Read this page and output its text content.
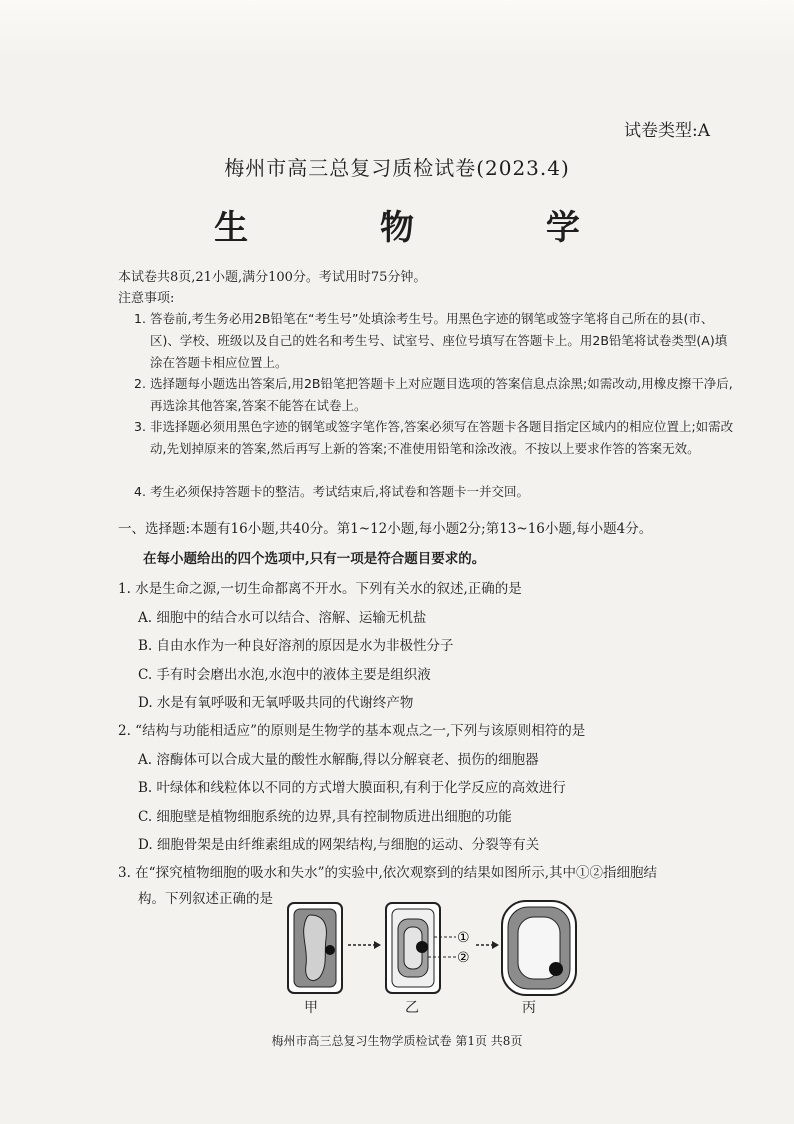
试卷类型:A
梅州市高三总复习质检试卷(2023.4)
生 物 学
本试卷共8页,21小题,满分100分。考试用时75分钟。
注意事项:
1. 答卷前,考生务必用2B铅笔在“考生号”处填涂考生号。用黑色字迹的钢笔或签字笔将自己所在的县(市、区)、学校、班级以及自己的姓名和考生号、试室号、座位号填写在答题卡上。用2B铅笔将试卷类型(A)填涂在答题卡相应位置上。
2. 选择题每小题选出答案后,用2B铅笔把答题卡上对应题目选项的答案信息点涂黑;如需改动,用橡皮擦干净后,再选涂其他答案,答案不能答在试卷上。
3. 非选择题必须用黑色字迹的钢笔或签字笔作答,答案必须写在答题卡各题目指定区域内的相应位置上;如需改动,先划掉原来的答案,然后再写上新的答案;不准使用铅笔和涂改液。不按以上要求作答的答案无效。
4. 考生必须保持答题卡的整洁。考试结束后,将试卷和答题卡一并交回。
一、选择题:本题有16小题,共40分。第1~12小题,每小题2分;第13~16小题,每小题4分。
在每小题给出的四个选项中,只有一项是符合题目要求的。
1. 水是生命之源,一切生命都离不开水。下列有关水的叙述,正确的是
A. 细胞中的结合水可以结合、溶解、运输无机盐
B. 自由水作为一种良好溶剂的原因是水为非极性分子
C. 手有时会磨出水泡,水泡中的液体主要是组织液
D. 水是有氧呼吸和无氧呼吸共同的代谢终产物
2. “结构与功能相适应”的原则是生物学的基本观点之一,下列与该原则相符的是
A. 溶酶体可以合成大量的酸性水解酶,得以分解衰老、损伤的细胞器
B. 叶绿体和线粒体以不同的方式增大膜面积,有利于化学反应的高效进行
C. 细胞壁是植物细胞系统的边界,具有控制物质进出细胞的功能
D. 细胞骨架是由纤维素组成的网架结构,与细胞的运动、分裂等有关
3. 在“探究植物细胞的吸水和失水”的实验中,依次观察到的结果如图所示,其中①②指细胞结
构。下列叙述正确的是
①
②
甲	乙	丙
梅州市高三总复习生物学质检试卷 第1页 共8页
